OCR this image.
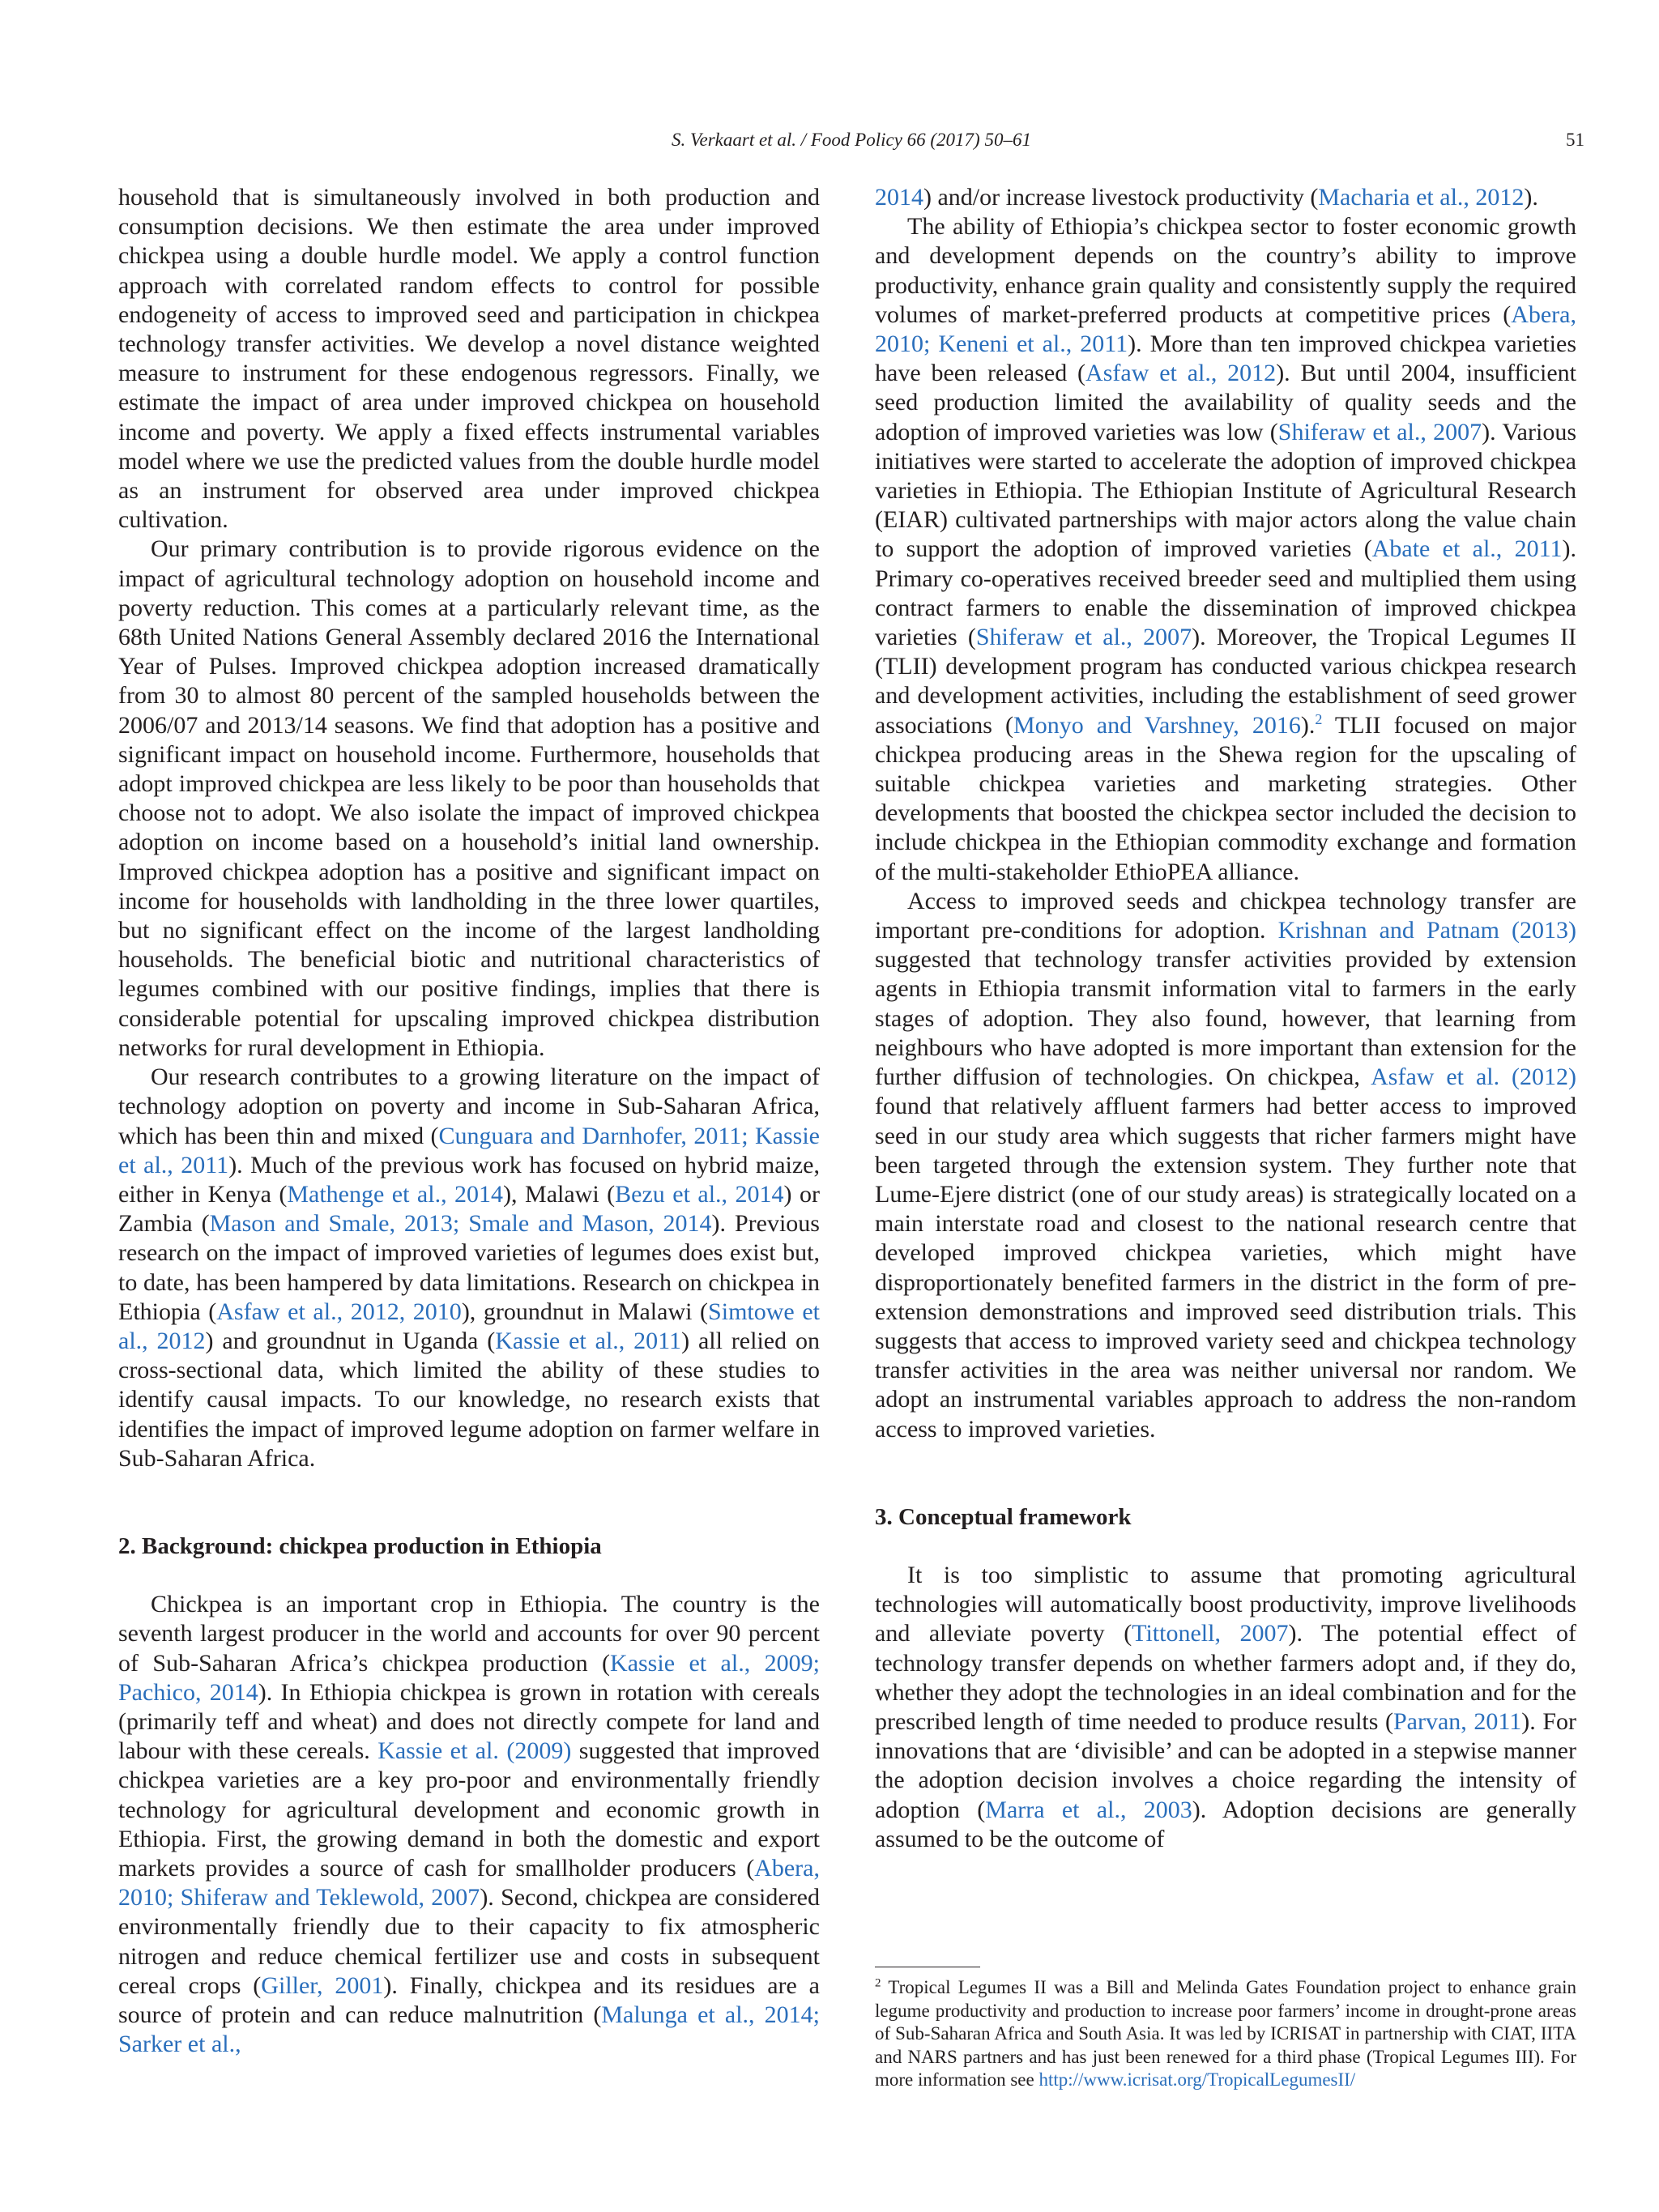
S. Verkaart et al. / Food Policy 66 (2017) 50–61	51

household that is simultaneously involved in both production and consumption decisions. We then estimate the area under improved chickpea using a double hurdle model. We apply a control function approach with correlated random effects to control for possible endogeneity of access to improved seed and participation in chickpea technology transfer activities. We develop a novel distance weighted measure to instrument for these endogenous regressors. Finally, we estimate the impact of area under improved chickpea on household income and poverty. We apply a fixed effects instrumental variables model where we use the predicted values from the double hurdle model as an instrument for observed area under improved chickpea cultivation.

Our primary contribution is to provide rigorous evidence on the impact of agricultural technology adoption on household income and poverty reduction. This comes at a particularly relevant time, as the 68th United Nations General Assembly declared 2016 the International Year of Pulses. Improved chickpea adoption increased dramatically from 30 to almost 80 percent of the sampled households between the 2006/07 and 2013/14 seasons. We find that adoption has a positive and significant impact on household income. Furthermore, households that adopt improved chickpea are less likely to be poor than households that choose not to adopt. We also isolate the impact of improved chickpea adoption on income based on a household’s initial land ownership. Improved chickpea adoption has a positive and significant impact on income for households with landholding in the three lower quartiles, but no significant effect on the income of the largest landholding households. The beneficial biotic and nutritional characteristics of legumes combined with our positive findings, implies that there is considerable potential for upscaling improved chickpea distribution networks for rural development in Ethiopia.

Our research contributes to a growing literature on the impact of technology adoption on poverty and income in Sub-Saharan Africa, which has been thin and mixed (Cunguara and Darnhofer, 2011; Kassie et al., 2011). Much of the previous work has focused on hybrid maize, either in Kenya (Mathenge et al., 2014), Malawi (Bezu et al., 2014) or Zambia (Mason and Smale, 2013; Smale and Mason, 2014). Previous research on the impact of improved varieties of legumes does exist but, to date, has been hampered by data limitations. Research on chickpea in Ethiopia (Asfaw et al., 2012, 2010), groundnut in Malawi (Simtowe et al., 2012) and groundnut in Uganda (Kassie et al., 2011) all relied on cross-sectional data, which limited the ability of these studies to identify causal impacts. To our knowledge, no research exists that identifies the impact of improved legume adoption on farmer welfare in Sub-Saharan Africa.

2. Background: chickpea production in Ethiopia

Chickpea is an important crop in Ethiopia. The country is the seventh largest producer in the world and accounts for over 90 percent of Sub-Saharan Africa’s chickpea production (Kassie et al., 2009; Pachico, 2014). In Ethiopia chickpea is grown in rotation with cereals (primarily teff and wheat) and does not directly compete for land and labour with these cereals. Kassie et al. (2009) suggested that improved chickpea varieties are a key pro-poor and environmentally friendly technology for agricultural development and economic growth in Ethiopia. First, the growing demand in both the domestic and export markets provides a source of cash for smallholder producers (Abera, 2010; Shiferaw and Teklewold, 2007). Second, chickpea are considered environmentally friendly due to their capacity to fix atmospheric nitrogen and reduce chemical fertilizer use and costs in subsequent cereal crops (Giller, 2001). Finally, chickpea and its residues are a source of protein and can reduce malnutrition (Malunga et al., 2014; Sarker et al.,

2014) and/or increase livestock productivity (Macharia et al., 2012).

The ability of Ethiopia’s chickpea sector to foster economic growth and development depends on the country’s ability to improve productivity, enhance grain quality and consistently supply the required volumes of market-preferred products at competitive prices (Abera, 2010; Keneni et al., 2011). More than ten improved chickpea varieties have been released (Asfaw et al., 2012). But until 2004, insufficient seed production limited the availability of quality seeds and the adoption of improved varieties was low (Shiferaw et al., 2007). Various initiatives were started to accelerate the adoption of improved chickpea varieties in Ethiopia. The Ethiopian Institute of Agricultural Research (EIAR) cultivated partnerships with major actors along the value chain to support the adoption of improved varieties (Abate et al., 2011). Primary co-operatives received breeder seed and multiplied them using contract farmers to enable the dissemination of improved chickpea varieties (Shiferaw et al., 2007). Moreover, the Tropical Legumes II (TLII) development program has conducted various chickpea research and development activities, including the establishment of seed grower associations (Monyo and Varshney, 2016).$^2$ TLII focused on major chickpea producing areas in the Shewa region for the upscaling of suitable chickpea varieties and marketing strategies. Other developments that boosted the chickpea sector included the decision to include chickpea in the Ethiopian commodity exchange and formation of the multi-stakeholder EthioPEA alliance.

Access to improved seeds and chickpea technology transfer are important pre-conditions for adoption. Krishnan and Patnam (2013) suggested that technology transfer activities provided by extension agents in Ethiopia transmit information vital to farmers in the early stages of adoption. They also found, however, that learning from neighbours who have adopted is more important than extension for the further diffusion of technologies. On chickpea, Asfaw et al. (2012) found that relatively affluent farmers had better access to improved seed in our study area which suggests that richer farmers might have been targeted through the extension system. They further note that Lume-Ejere district (one of our study areas) is strategically located on a main interstate road and closest to the national research centre that developed improved chickpea varieties, which might have disproportionately benefited farmers in the district in the form of pre-extension demonstrations and improved seed distribution trials. This suggests that access to improved variety seed and chickpea technology transfer activities in the area was neither universal nor random. We adopt an instrumental variables approach to address the non-random access to improved varieties.

3. Conceptual framework

It is too simplistic to assume that promoting agricultural technologies will automatically boost productivity, improve livelihoods and alleviate poverty (Tittonell, 2007). The potential effect of technology transfer depends on whether farmers adopt and, if they do, whether they adopt the technologies in an ideal combination and for the prescribed length of time needed to produce results (Parvan, 2011). For innovations that are ‘divisible’ and can be adopted in a stepwise manner the adoption decision involves a choice regarding the intensity of adoption (Marra et al., 2003). Adoption decisions are generally assumed to be the outcome of

$^2$ Tropical Legumes II was a Bill and Melinda Gates Foundation project to enhance grain legume productivity and production to increase poor farmers’ income in drought-prone areas of Sub-Saharan Africa and South Asia. It was led by ICRISAT in partnership with CIAT, IITA and NARS partners and has just been renewed for a third phase (Tropical Legumes III). For more information see http://www.icrisat.org/TropicalLegumesII/
